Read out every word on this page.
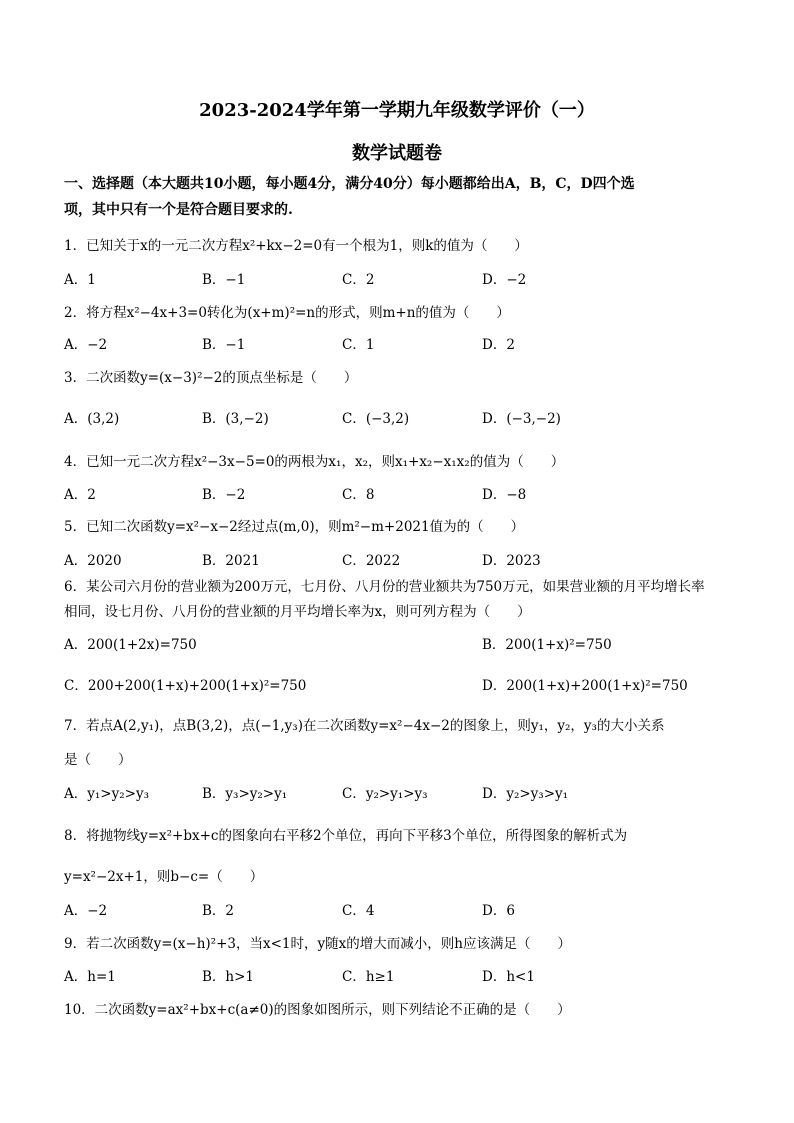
2023-2024学年第一学期九年级数学评价（一）
数学试题卷
一、选择题（本大题共10小题，每小题4分，满分40分）每小题都给出A，B，C，D四个选
项，其中只有一个是符合题目要求的.
1．已知关于x的一元二次方程x²+kx−2=0有一个根为1，则k的值为（　　）
A．1	B．−1	C．2	D．−2
2．将方程x²−4x+3=0转化为(x+m)²=n的形式，则m+n的值为（　　）
A．−2	B．−1	C．1	D．2
3．二次函数y=(x−3)²−2的顶点坐标是（　　）
A．(3,2)	B．(3,−2)	C．(−3,2)	D．(−3,−2)
4．已知一元二次方程x²−3x−5=0的两根为x₁，x₂，则x₁+x₂−x₁x₂的值为（　　）
A．2	B．−2	C．8	D．−8
5．已知二次函数y=x²−x−2经过点(m,0)，则m²−m+2021值为的（　　）
A．2020	B．2021	C．2022	D．2023
6．某公司六月份的营业额为200万元，七月份、八月份的营业额共为750万元，如果营业额的月平均增长率
相同，设七月份、八月份的营业额的月平均增长率为x，则可列方程为（　　）
A．200(1+2x)=750	B．200(1+x)²=750
C．200+200(1+x)+200(1+x)²=750	D．200(1+x)+200(1+x)²=750
7．若点A(2,y₁)，点B(3,2)，点(−1,y₃)在二次函数y=x²−4x−2的图象上，则y₁，y₂，y₃的大小关系
是（　　）
A．y₁>y₂>y₃	B．y₃>y₂>y₁	C．y₂>y₁>y₃	D．y₂>y₃>y₁
8．将抛物线y=x²+bx+c的图象向右平移2个单位，再向下平移3个单位，所得图象的解析式为
y=x²−2x+1，则b−c=（　　）
A．−2	B．2	C．4	D．6
9．若二次函数y=(x−h)²+3，当x<1时，y随x的增大而减小，则h应该满足（　　）
A．h=1	B．h>1	C．h≥1	D．h<1
10．二次函数y=ax²+bx+c(a≠0)的图象如图所示，则下列结论不正确的是（　　）
